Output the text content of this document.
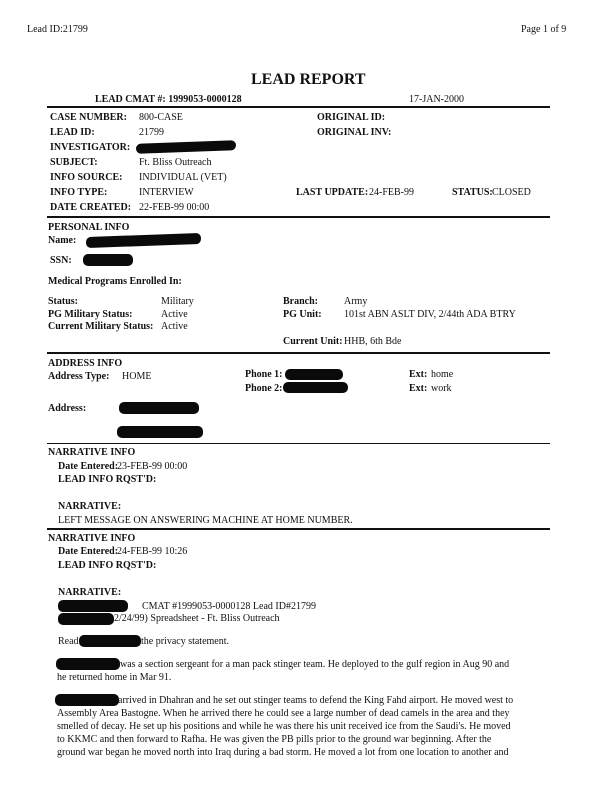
Lead ID:21799	Page 1 of 9
LEAD REPORT
LEAD CMAT #: 1999053-0000128	17-JAN-2000
CASE NUMBER: 800-CASE
LEAD ID:	21799
INVESTIGATOR:
SUBJECT:	Ft. Bliss Outreach
INFO SOURCE: INDIVIDUAL (VET)
INFO TYPE:	INTERVIEW
DATE CREATED: 22-FEB-99 00:00
ORIGINAL ID:
ORIGINAL INV:
LAST UPDATE: 24-FEB-99	STATUS: CLOSED
PERSONAL INFO
Name:
SSN:
Medical Programs Enrolled In:
Status:	Military
PG Military Status:	Active
Current Military Status: Active
Branch:	Army
PG Unit: 101st ABN ASLT DIV, 2/44th ADA BTRY
Current Unit: HHB, 6th Bde
ADDRESS INFO
Address Type: HOME	Phone 1:
Phone 2:
Ext: home
Ext: work
Address:
NARRATIVE INFO
Date Entered:
23-FEB-99 00:00
LEAD INFO RQST'D:
NARRATIVE:
LEFT MESSAGE ON ANSWERING MACHINE AT HOME NUMBER.
NARRATIVE INFO
Date Entered:
24-FEB-99 10:26
LEAD INFO RQST'D:
NARRATIVE:
CMAT #1999053-0000128 Lead ID#21799
2/24/99) Spreadsheet - Ft. Bliss Outreach
Read	the privacy statement.
was a section sergeant for a man pack stinger team. He deployed to the gulf region in Aug 90 and
he returned home in Mar 91.
arrived in Dhahran and he set out stinger teams to defend the King Fahd airport. He moved west to
Assembly Area Bastogne. When he arrived there he could see a large number of dead camels in the area and they
smelled of decay. He set up his positions and while he was there his unit received ice from the Saudi's. He moved
to KKMC and then forward to Rafha. He was given the PB pills prior to the ground war beginning. After the
ground war began he moved north into Iraq during a bad storm. He moved a lot from one location to another and
